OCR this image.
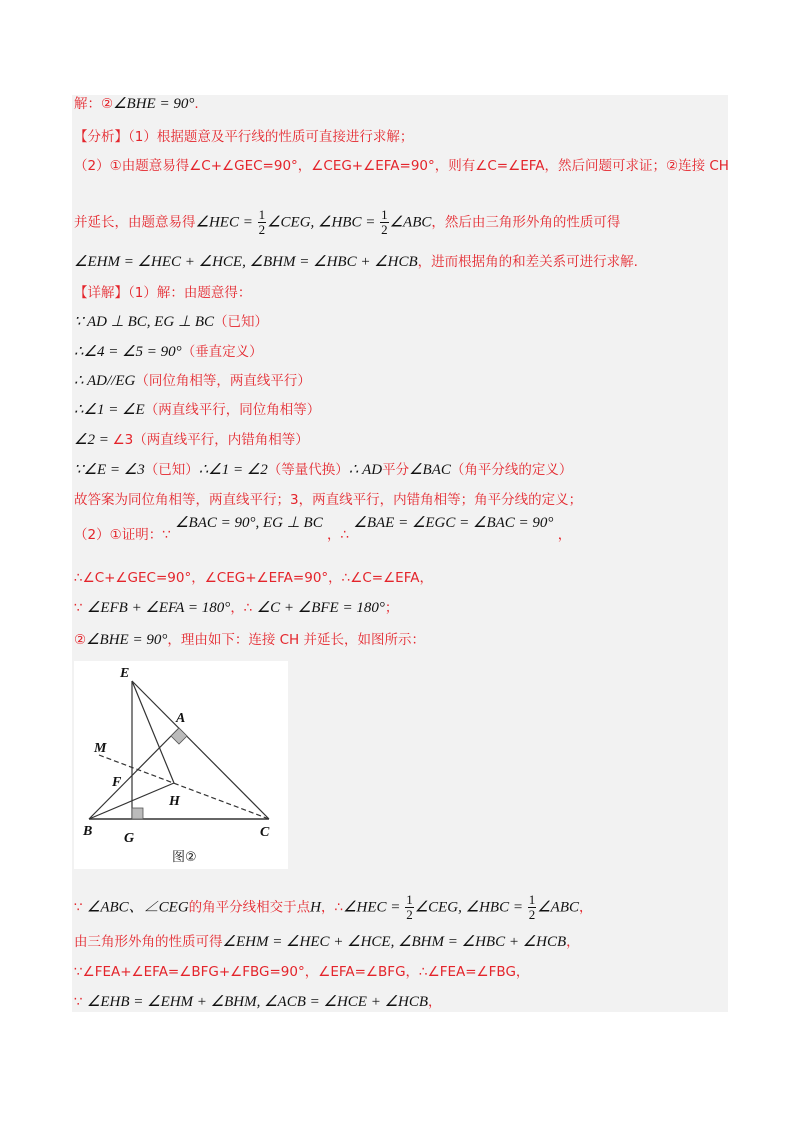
解：②∠BHE = 90°.
【分析】（1）根据题意及平行线的性质可直接进行求解；
（2）①由题意易得∠C+∠GEC=90°，∠CEG+∠EFA=90°，则有∠C=∠EFA，然后问题可求证；②连接 CH
并延长，由题意易得∠HEC = $\frac{1}{2}$ ∠CEG, ∠HBC = $\frac{1}{2}$ ∠ABC，然后由三角形外角的性质可得
∠EHM = ∠HEC + ∠HCE, ∠BHM = ∠HBC + ∠HCB，进而根据角的和差关系可进行求解.
【详解】（1）解：由题意得：
∵ AD ⊥ BC, EG ⊥ BC（已知）
∴∠4 = ∠5 = 90°（垂直定义）
∴ AD//EG（同位角相等，两直线平行）
∴∠1 = ∠E（两直线平行，同位角相等）
∠2 = ∠3（两直线平行，内错角相等）
∵∠E = ∠3（已知）∴∠1 = ∠2（等量代换）∴ AD平分∠BAC（角平分线的定义）
故答案为同位角相等，两直线平行；3，两直线平行，内错角相等；角平分线的定义；
（2）①证明：∵ ∠BAC = 90°, EG ⊥ BC ，∴ ∠BAE = ∠EGC = ∠BAC = 90° ，
∴∠C+∠GEC=90°，∠CEG+∠EFA=90°，∴∠C=∠EFA，
∵ ∠EFB + ∠EFA = 180°，∴ ∠C + ∠BFE = 180°；
②∠BHE = 90°，理由如下：连接 CH 并延长，如图所示：
∵ ∠ABC、∠CEG的角平分线相交于点H，∴∠HEC = $\frac{1}{2}$ ∠CEG, ∠HBC = $\frac{1}{2}$ ∠ABC，
由三角形外角的性质可得∠EHM = ∠HEC + ∠HCE, ∠BHM = ∠HBC + ∠HCB，
∵∠FEA+∠EFA=∠BFG+∠FBG=90°，∠EFA=∠BFG，∴∠FEA=∠FBG，
∵ ∠EHB = ∠EHM + ∠BHM, ∠ACB = ∠HCE + ∠HCB，
E
A
M
F
H
B G	C
图②
